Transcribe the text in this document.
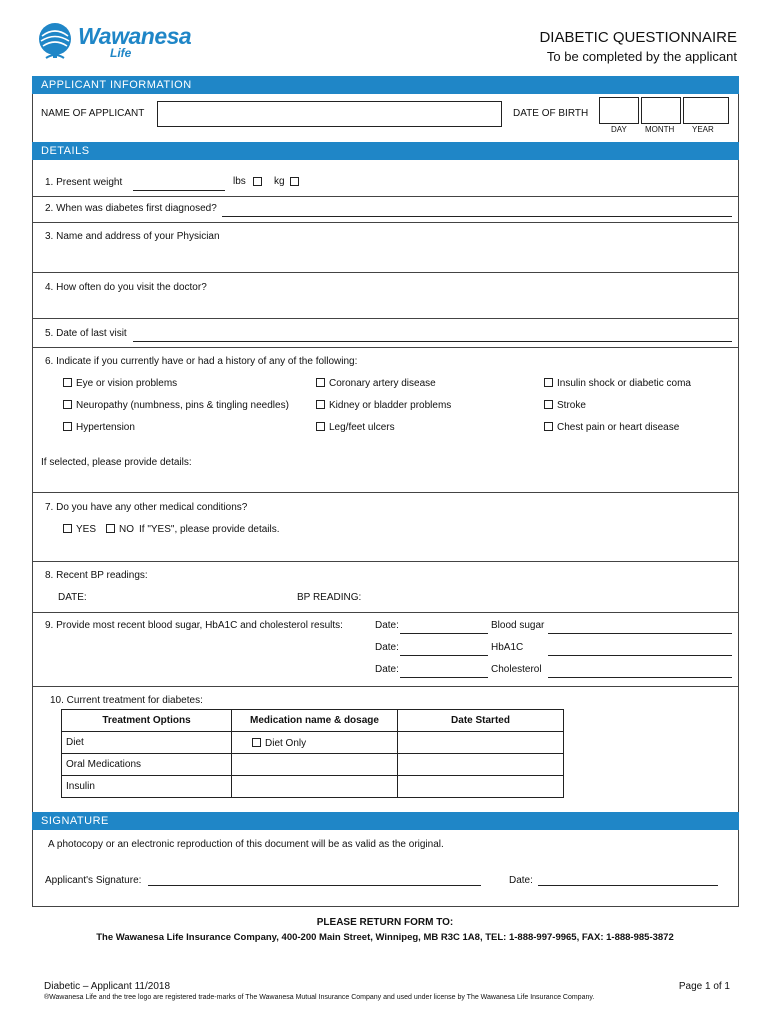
Wawanesa
Life
DIABETIC QUESTIONNAIRE
To be completed by the applicant
APPLICANT INFORMATION
NAME OF APPLICANT	DATE OF BIRTH
DAY MONTH YEAR
DETAILS
1. Present weight	lbs	kg
2. When was diabetes first diagnosed?
3. Name and address of your Physician
4. How often do you visit the doctor?
5. Date of last visit
6. Indicate if you currently have or had a history of any of the following:
Eye or vision problems	Coronary artery disease	Insulin shock or diabetic coma
Neuropathy (numbness, pins & tingling needles)	Kidney or bladder problems	Stroke
Hypertension	Leg/feet ulcers	Chest pain or heart disease
If selected, please provide details:
7. Do you have any other medical conditions?
YES NO If "YES", please provide details.
8. Recent BP readings:
DATE:	BP READING:
9. Provide most recent blood sugar, HbA1C and cholesterol results:	Date:	Blood sugar
Date:	HbA1C
Date:	Cholesterol
10. Current treatment for diabetes:
Treatment Options	Medication name & dosage	Date Started
Diet	Diet Only	
Oral Medications		
Insulin		
SIGNATURE
A photocopy or an electronic reproduction of this document will be as valid as the original.
Applicant's Signature:	Date:
PLEASE RETURN FORM TO:
The Wawanesa Life Insurance Company, 400-200 Main Street, Winnipeg, MB R3C 1A8, TEL: 1-888-997-9965, FAX: 1-888-985-3872
Diabetic – Applicant 11/2018	Page 1 of 1
®Wawanesa Life and the tree logo are registered trade-marks of The Wawanesa Mutual Insurance Company and used under license by The Wawanesa Life Insurance Company.
